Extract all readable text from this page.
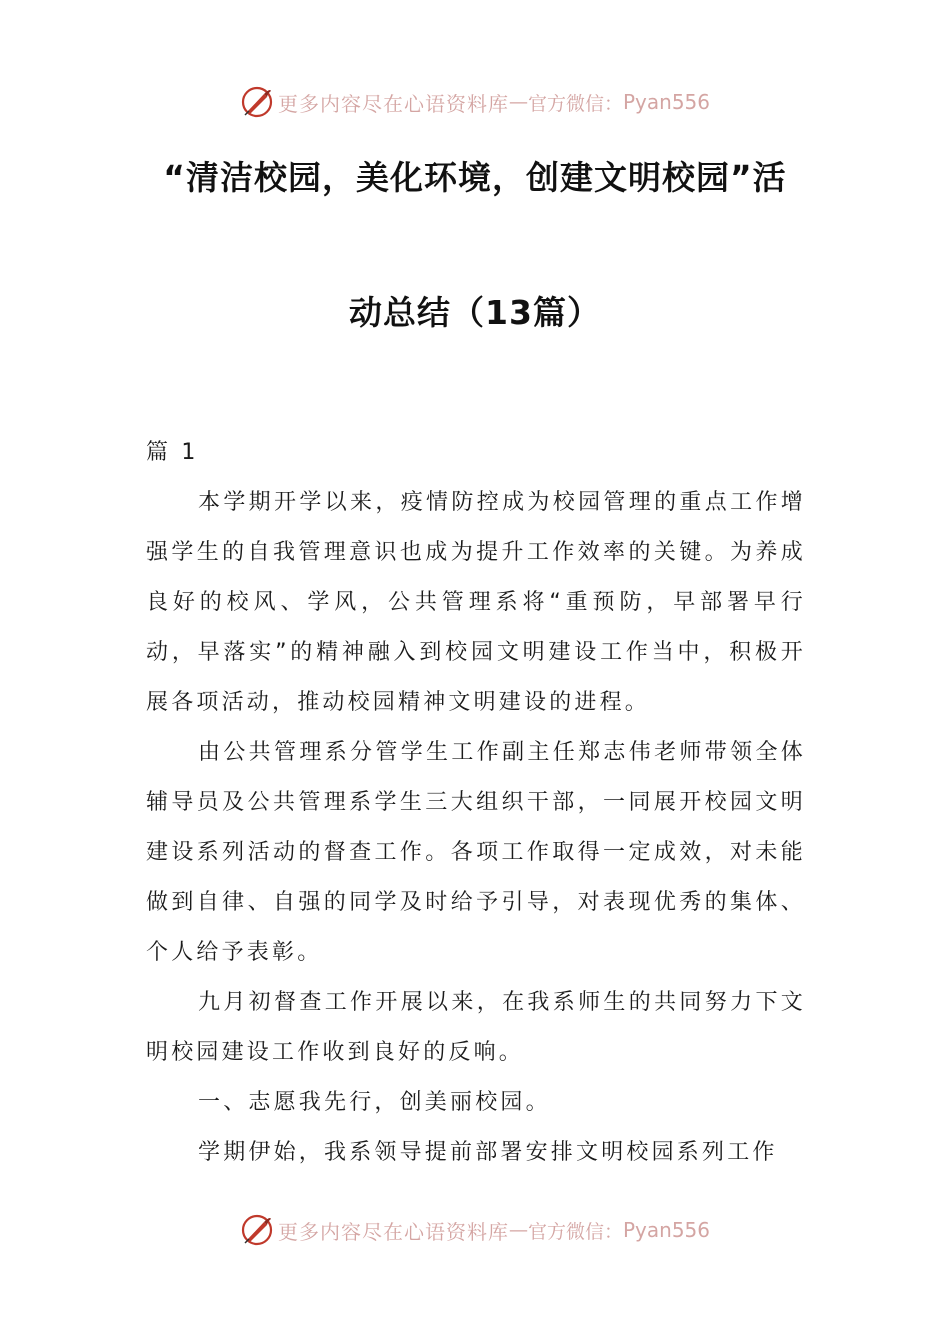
更多内容尽在心语资料库 — 官方微信： Pyan556
“清洁校园，美化环境，创建文明校园”活
动总结（13篇）

篇 1

本学期开学以来，疫情防控成为校园管理的重点工作增强学生的自我管理意识也成为提升工作效率的关键。为养成良好的校风、学风，公共管理系将“重预防，早部署早行动，早落实”的精神融入到校园文明建设工作当中，积极开展各项活动，推动校园精神文明建设的进程。

由公共管理系分管学生工作副主任郑志伟老师带领全体辅导员及公共管理系学生三大组织干部，一同展开校园文明建设系列活动的督查工作。各项工作取得一定成效，对未能做到自律、自强的同学及时给予引导，对表现优秀的集体、个人给予表彰。

九月初督查工作开展以来，在我系师生的共同努力下文明校园建设工作收到良好的反响。

一、志愿我先行，创美丽校园。

学期伊始，我系领导提前部署安排文明校园系列工作

更多内容尽在心语资料库 — 官方微信： Pyan556
